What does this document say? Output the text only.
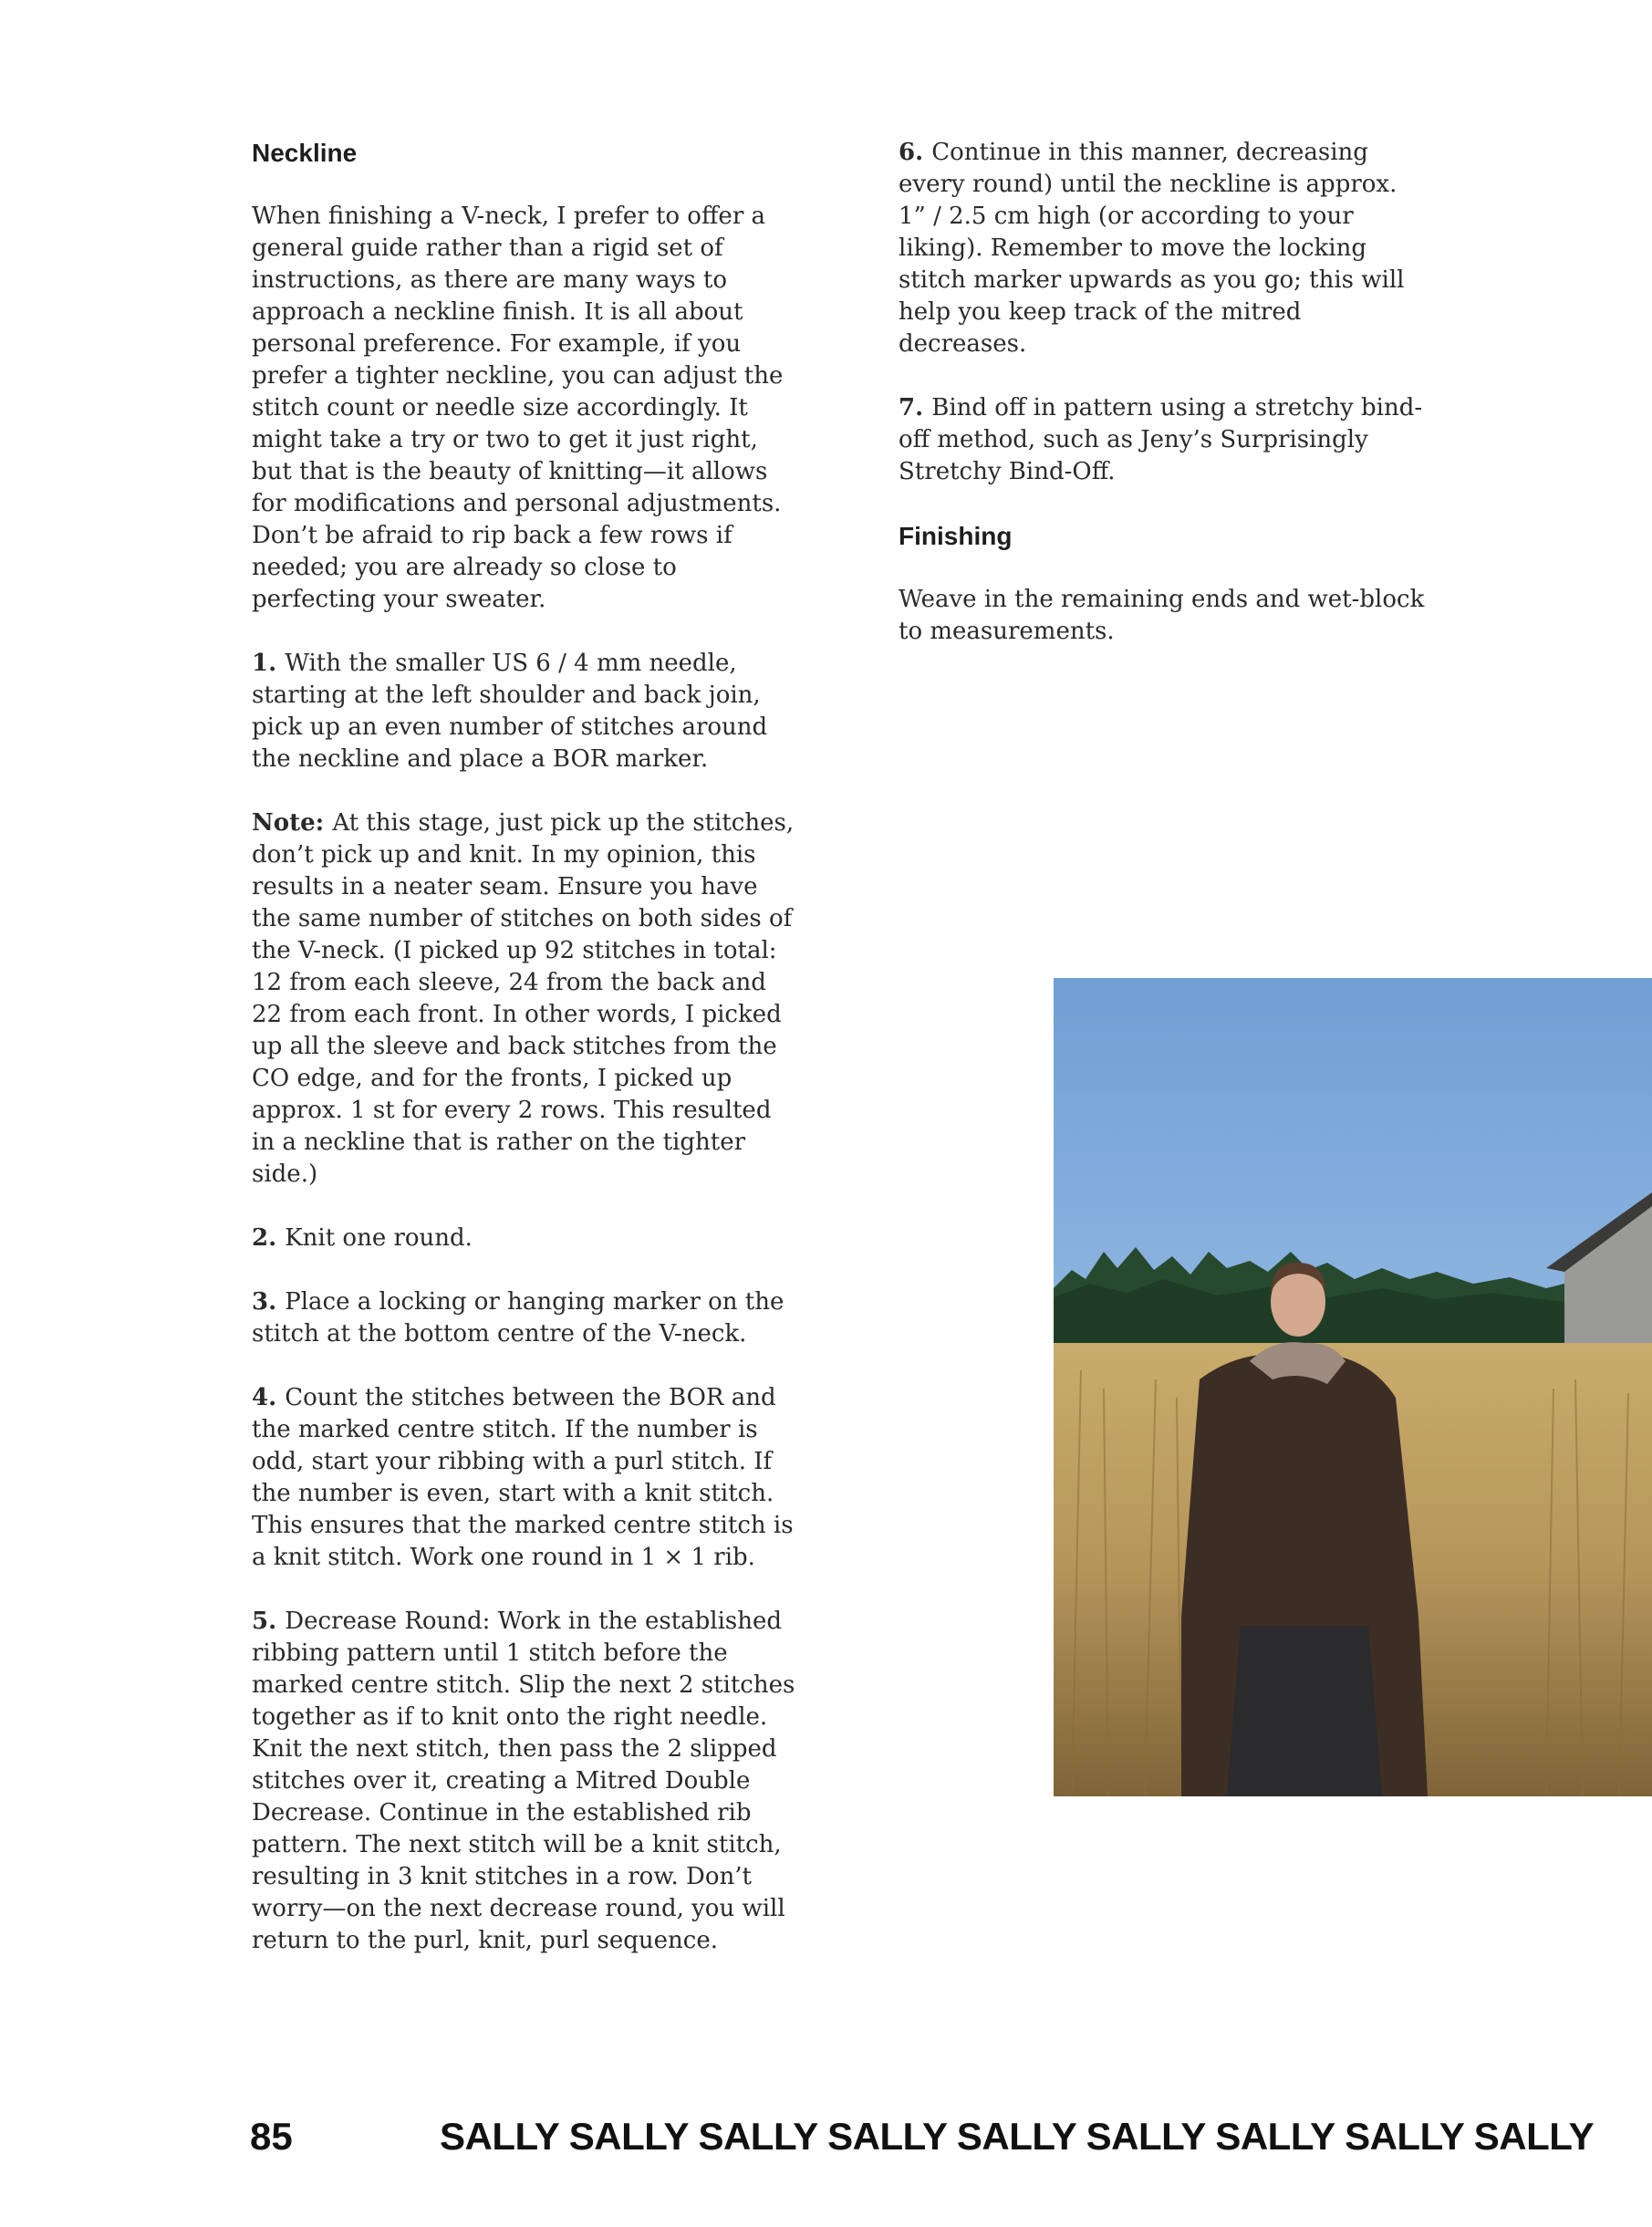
Neckline

When finishing a V-neck, I prefer to offer a general guide rather than a rigid set of instructions, as there are many ways to approach a neckline finish. It is all about personal preference. For example, if you prefer a tighter neckline, you can adjust the stitch count or needle size accordingly. It might take a try or two to get it just right, but that is the beauty of knitting—it allows for modifications and personal adjustments. Don’t be afraid to rip back a few rows if needed; you are already so close to perfecting your sweater.

1. With the smaller US 6 / 4 mm needle, starting at the left shoulder and back join, pick up an even number of stitches around the neckline and place a BOR marker.

Note: At this stage, just pick up the stitches, don’t pick up and knit. In my opinion, this results in a neater seam. Ensure you have the same number of stitches on both sides of the V-neck. (I picked up 92 stitches in total: 12 from each sleeve, 24 from the back and 22 from each front. In other words, I picked up all the sleeve and back stitches from the CO edge, and for the fronts, I picked up approx. 1 st for every 2 rows. This resulted in a neckline that is rather on the tighter side.)

2. Knit one round.

3. Place a locking or hanging marker on the stitch at the bottom centre of the V-neck.

4. Count the stitches between the BOR and the marked centre stitch. If the number is odd, start your ribbing with a purl stitch. If the number is even, start with a knit stitch. This ensures that the marked centre stitch is a knit stitch. Work one round in 1 × 1 rib.

5. Decrease Round: Work in the established ribbing pattern until 1 stitch before the marked centre stitch. Slip the next 2 stitches together as if to knit onto the right needle. Knit the next stitch, then pass the 2 slipped stitches over it, creating a Mitred Double Decrease. Continue in the established rib pattern. The next stitch will be a knit stitch, resulting in 3 knit stitches in a row. Don’t worry—on the next decrease round, you will return to the purl, knit, purl sequence.

6. Continue in this manner, decreasing every round) until the neckline is approx. 1” / 2.5 cm high (or according to your liking). Remember to move the locking stitch marker upwards as you go; this will help you keep track of the mitred decreases.

7. Bind off in pattern using a stretchy bind-off method, such as Jeny’s Surprisingly Stretchy Bind-Off.

Finishing

Weave in the remaining ends and wet-block to measurements.

85	SALLY SALLY SALLY SALLY SALLY SALLY SALLY SALLY SALLY
